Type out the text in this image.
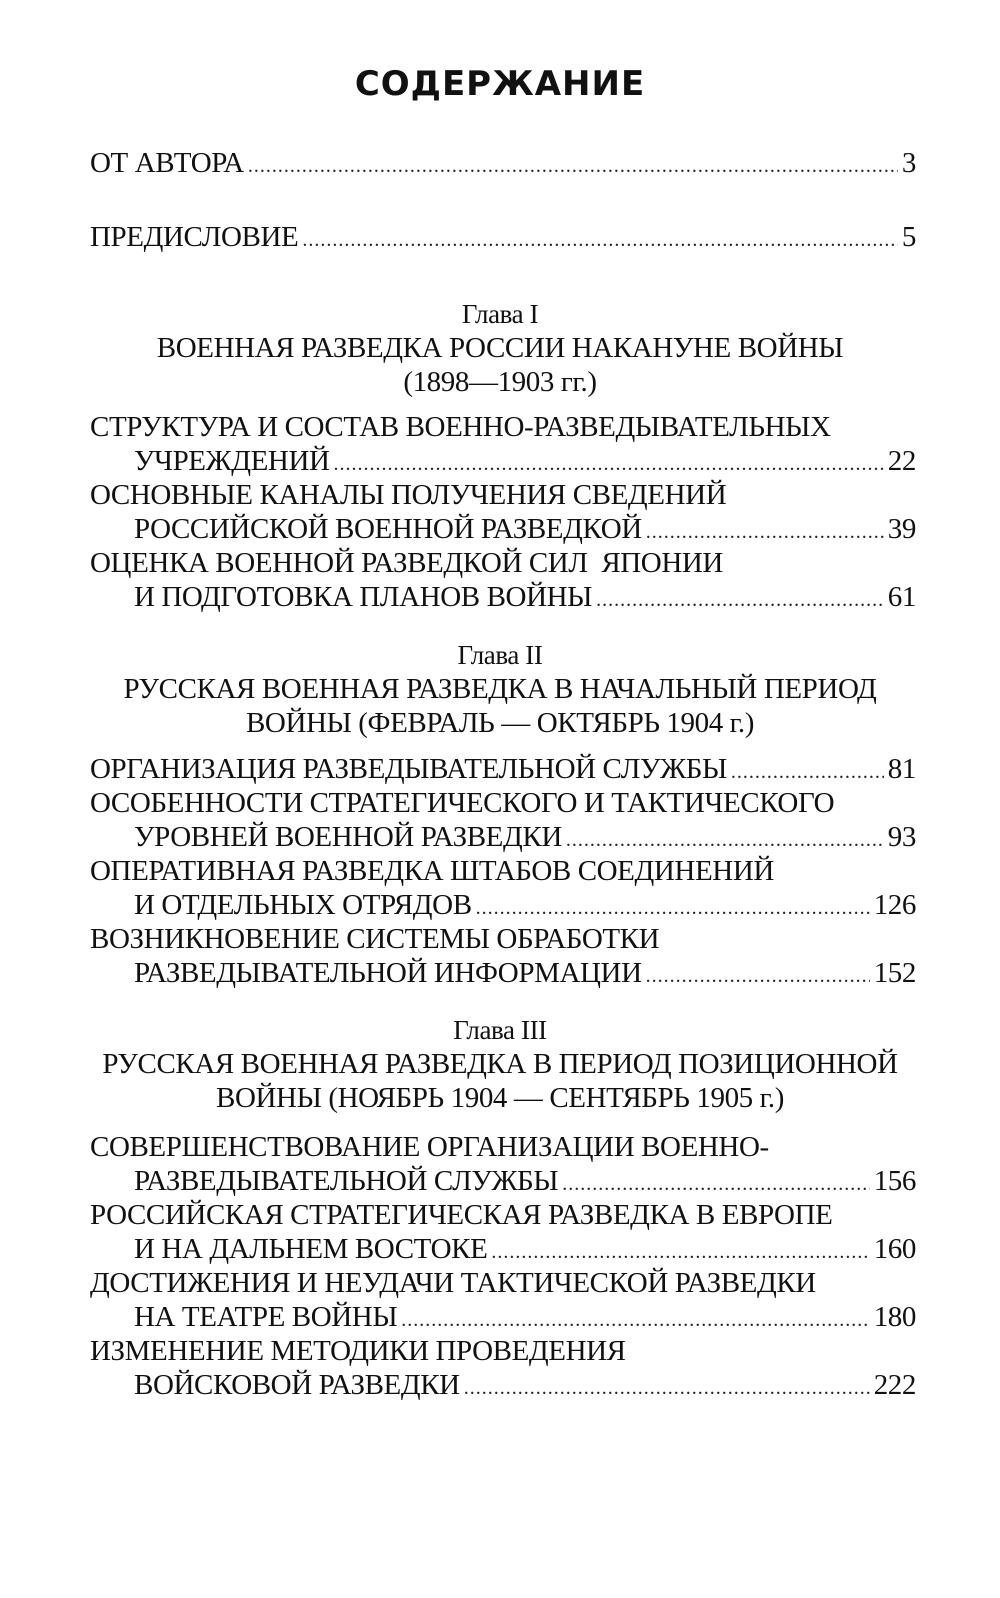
СОДЕРЖАНИЕ
ОТ АВТОРА .....	3
ПРЕДИСЛОВИЕ .....	5
Глава I
ВОЕННАЯ РАЗВЕДКА РОССИИ НАКАНУНЕ ВОЙНЫ
(1898—1903 гг.)
СТРУКТУРА И СОСТАВ ВОЕННО-РАЗВЕДЫВАТЕЛЬНЫХ
УЧРЕЖДЕНИЙ .....	22
ОСНОВНЫЕ КАНАЛЫ ПОЛУЧЕНИЯ СВЕДЕНИЙ
РОССИЙСКОЙ ВОЕННОЙ РАЗВЕДКОЙ .....	39
ОЦЕНКА ВОЕННОЙ РАЗВЕДКОЙ СИЛ  ЯПОНИИ
И ПОДГОТОВКА ПЛАНОВ ВОЙНЫ .....	61
Глава II
РУССКАЯ ВОЕННАЯ РАЗВЕДКА В НАЧАЛЬНЫЙ ПЕРИОД
ВОЙНЫ (ФЕВРАЛЬ — ОКТЯБРЬ 1904 г.)
ОРГАНИЗАЦИЯ РАЗВЕДЫВАТЕЛЬНОЙ СЛУЖБЫ .....	81
ОСОБЕННОСТИ СТРАТЕГИЧЕСКОГО И ТАКТИЧЕСКОГО
УРОВНЕЙ ВОЕННОЙ РАЗВЕДКИ .....	93
ОПЕРАТИВНАЯ РАЗВЕДКА ШТАБОВ СОЕДИНЕНИЙ
И ОТДЕЛЬНЫХ ОТРЯДОВ .....	126
ВОЗНИКНОВЕНИЕ СИСТЕМЫ ОБРАБОТКИ
РАЗВЕДЫВАТЕЛЬНОЙ ИНФОРМАЦИИ .....	152
Глава III
РУССКАЯ ВОЕННАЯ РАЗВЕДКА В ПЕРИОД ПОЗИЦИОННОЙ
ВОЙНЫ (НОЯБРЬ 1904 — СЕНТЯБРЬ 1905 г.)
СОВЕРШЕНСТВОВАНИЕ ОРГАНИЗАЦИИ ВОЕННО-
РАЗВЕДЫВАТЕЛЬНОЙ СЛУЖБЫ .....	156
РОССИЙСКАЯ СТРАТЕГИЧЕСКАЯ РАЗВЕДКА В ЕВРОПЕ
И НА ДАЛЬНЕМ ВОСТОКЕ .....	160
ДОСТИЖЕНИЯ И НЕУДАЧИ ТАКТИЧЕСКОЙ РАЗВЕДКИ
НА ТЕАТРЕ ВОЙНЫ .....	180
ИЗМЕНЕНИЕ МЕТОДИКИ ПРОВЕДЕНИЯ
ВОЙСКОВОЙ РАЗВЕДКИ .....	222
